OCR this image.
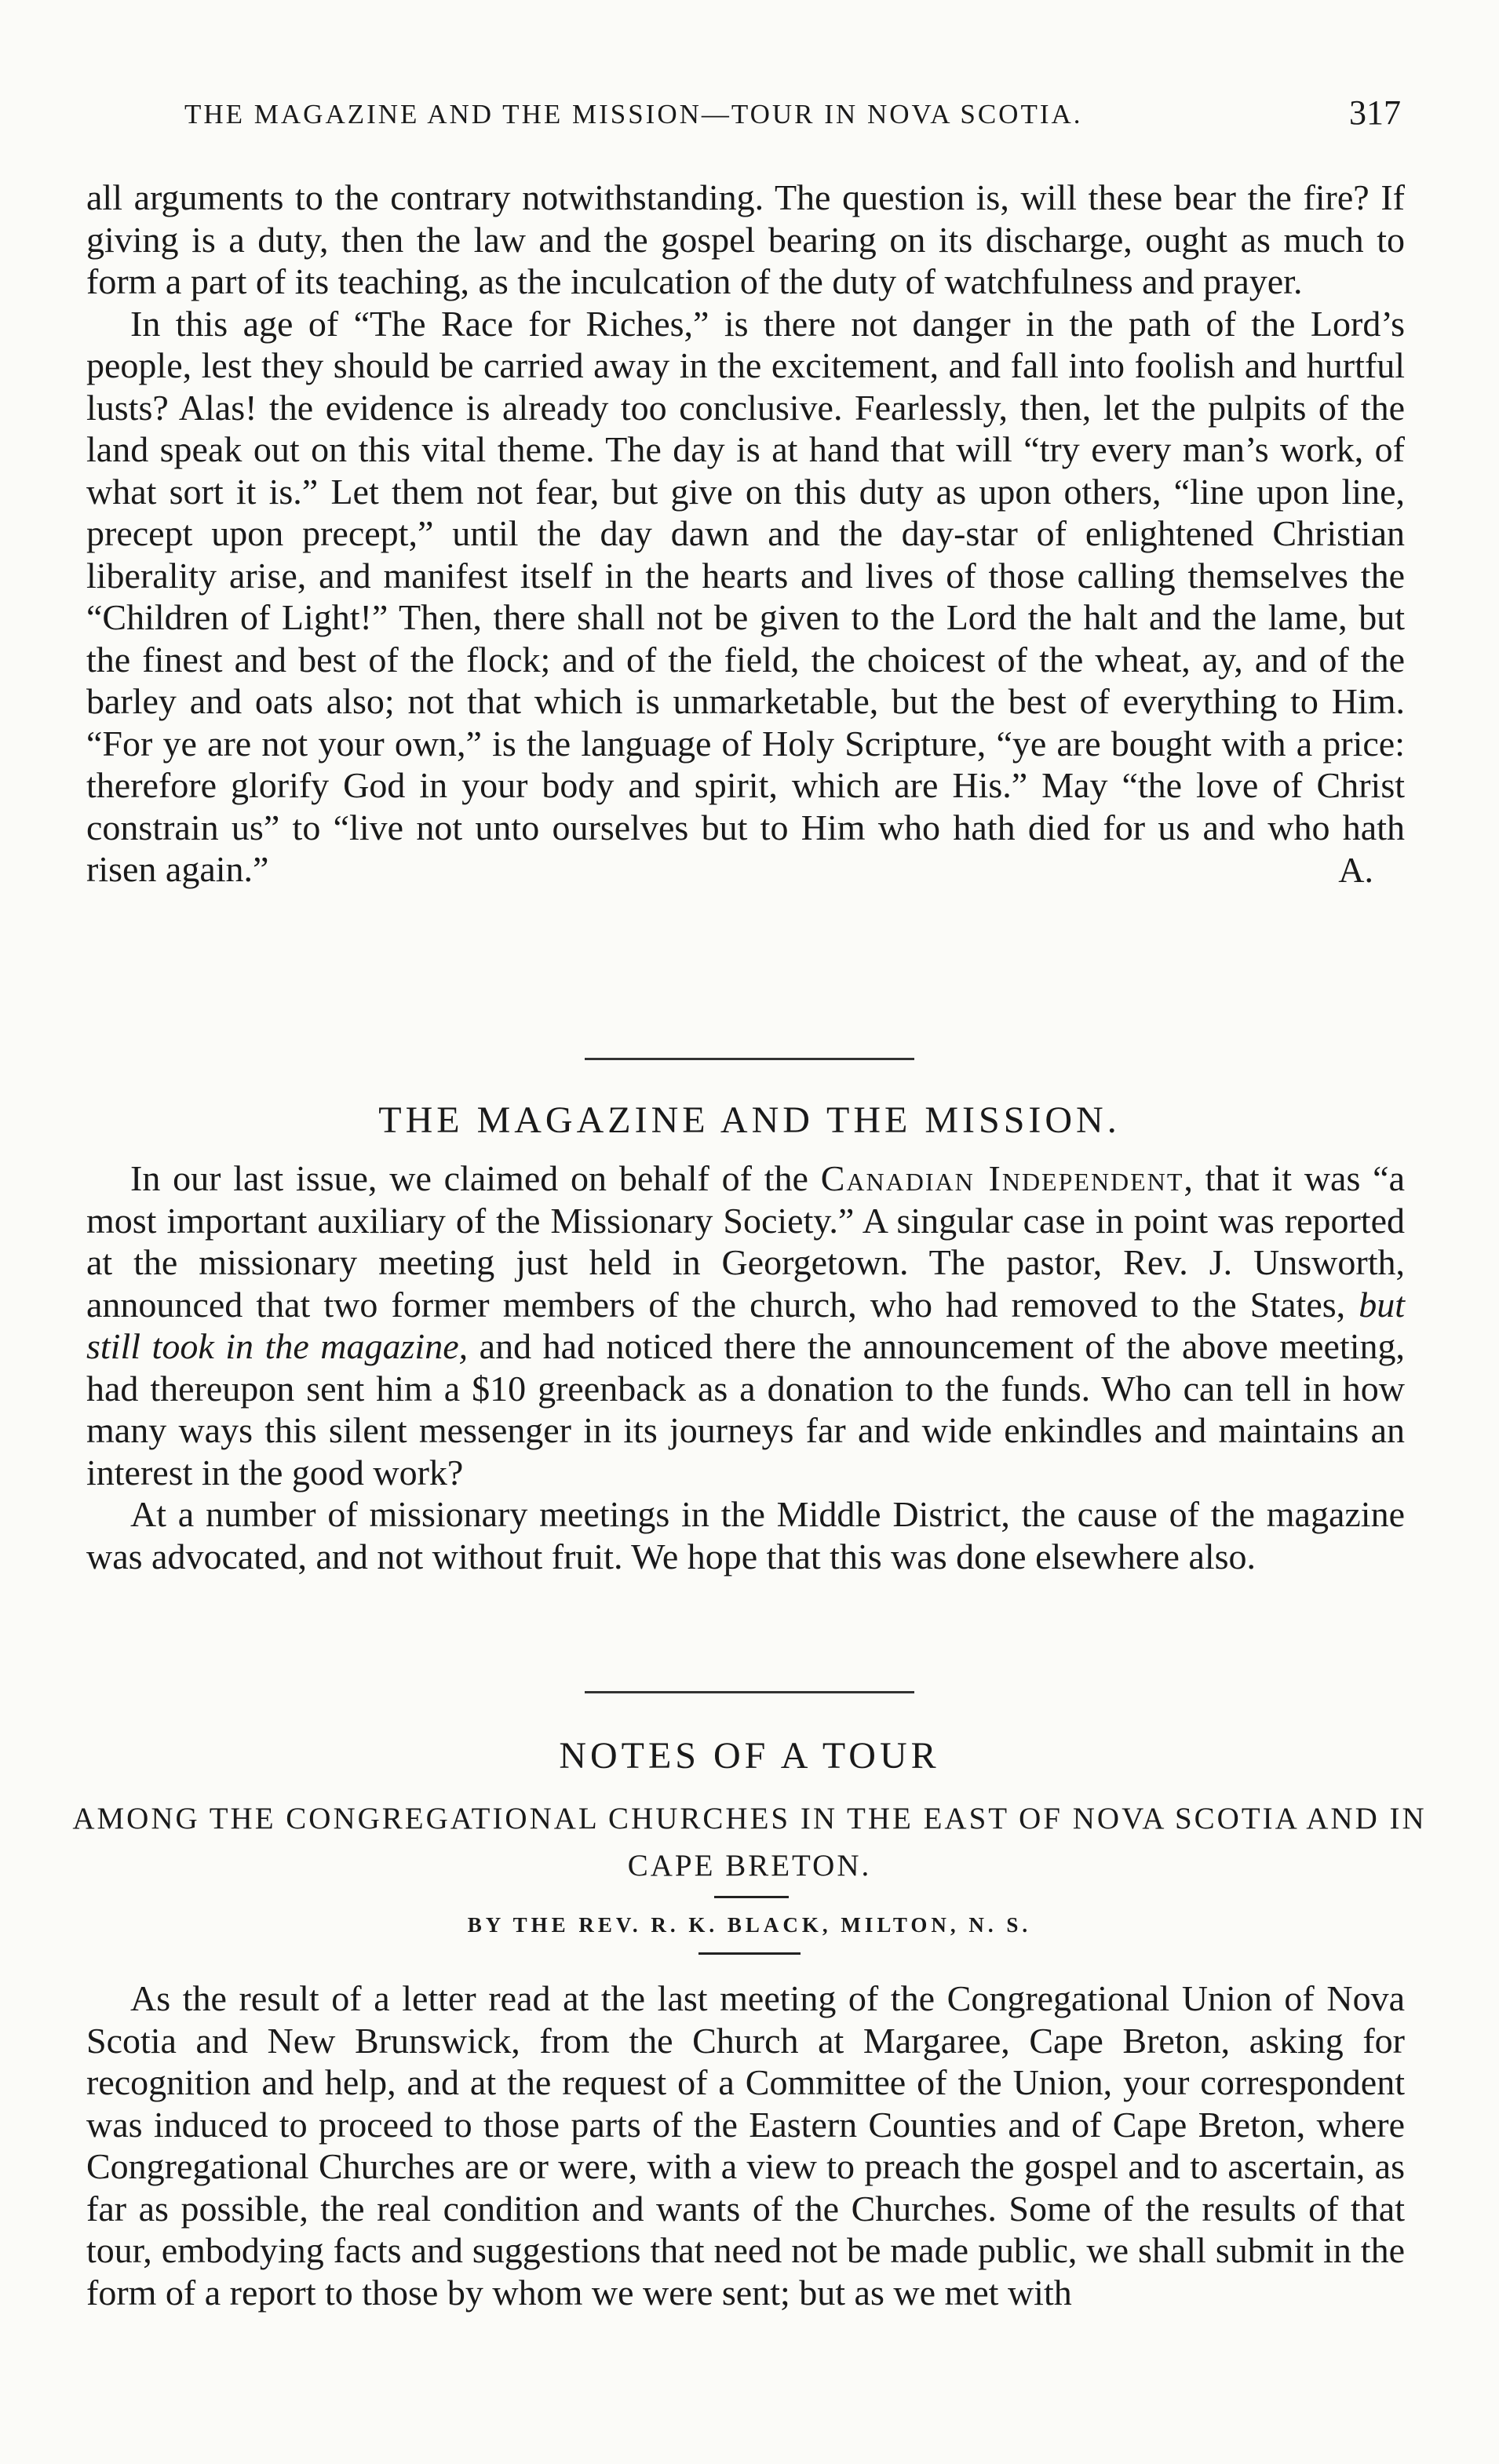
THE MAGAZINE AND THE MISSION—TOUR IN NOVA SCOTIA.	317

all arguments to the contrary notwithstanding. The question is, will these bear the fire? If giving is a duty, then the law and the gospel bearing on its discharge, ought as much to form a part of its teaching, as the inculcation of the duty of watchfulness and prayer.

In this age of “The Race for Riches,” is there not danger in the path of the Lord’s people, lest they should be carried away in the excitement, and fall into foolish and hurtful lusts? Alas! the evidence is already too conclusive. Fearlessly, then, let the pulpits of the land speak out on this vital theme. The day is at hand that will “try every man’s work, of what sort it is.” Let them not fear, but give on this duty as upon others, “line upon line, precept upon precept,” until the day dawn and the day-star of enlightened Christian liberality arise, and manifest itself in the hearts and lives of those calling themselves the “Children of Light!” Then, there shall not be given to the Lord the halt and the lame, but the finest and best of the flock; and of the field, the choicest of the wheat, ay, and of the barley and oats also; not that which is unmarketable, but the best of everything to Him. “For ye are not your own,” is the language of Holy Scripture, “ye are bought with a price: therefore glorify God in your body and spirit, which are His.” May “the love of Christ constrain us” to “live not unto ourselves but to Him who hath died for us and who hath risen again.”	A.
THE MAGAZINE AND THE MISSION.

In our last issue, we claimed on behalf of the Canadian Independent, that it was “a most important auxiliary of the Missionary Society.” A singular case in point was reported at the missionary meeting just held in Georgetown. The pastor, Rev. J. Unsworth, announced that two former members of the church, who had removed to the States, but still took in the magazine, and had noticed there the announcement of the above meeting, had thereupon sent him a $10 greenback as a donation to the funds. Who can tell in how many ways this silent messenger in its journeys far and wide enkindles and maintains an interest in the good work?

At a number of missionary meetings in the Middle District, the cause of the magazine was advocated, and not without fruit. We hope that this was done elsewhere also.

NOTES OF A TOUR
AMONG THE CONGREGATIONAL CHURCHES IN THE EAST OF NOVA SCOTIA AND IN CAPE BRETON.
BY THE REV. R. K. BLACK, MILTON, N. S.

As the result of a letter read at the last meeting of the Congregational Union of Nova Scotia and New Brunswick, from the Church at Margaree, Cape Breton, asking for recognition and help, and at the request of a Committee of the Union, your correspondent was induced to proceed to those parts of the Eastern Counties and of Cape Breton, where Congregational Churches are or were, with a view to preach the gospel and to ascertain, as far as possible, the real condition and wants of the Churches. Some of the results of that tour, embodying facts and suggestions that need not be made public, we shall submit in the form of a report to those by whom we were sent; but as we met with
